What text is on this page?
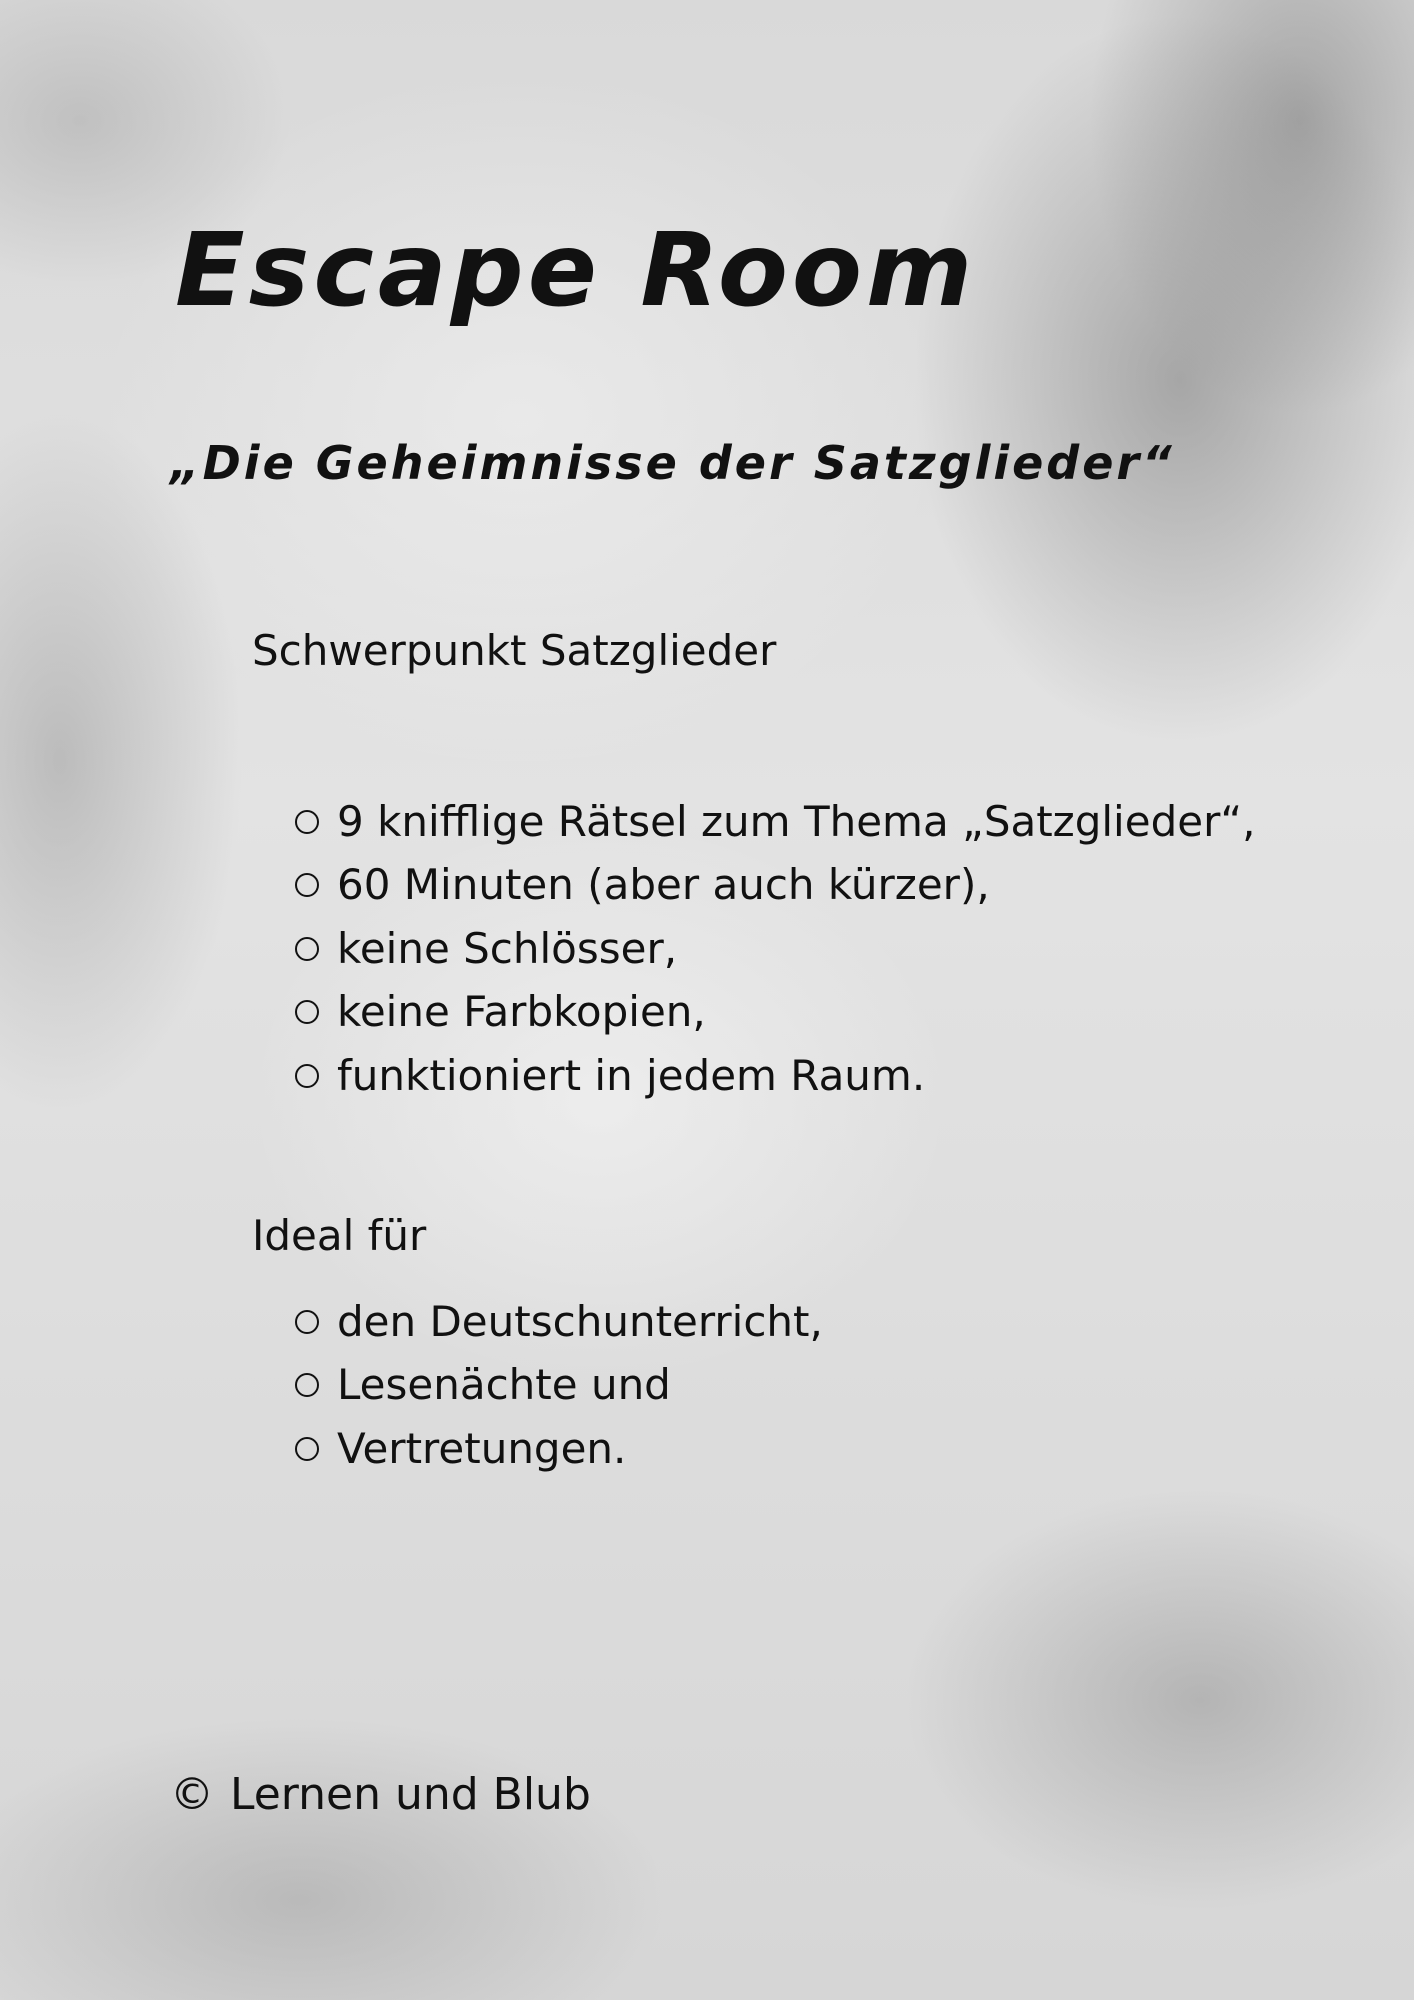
Escape Room
„Die Geheimnisse der Satzglieder“
Schwerpunkt Satzglieder
9 knifflige Rätsel zum Thema „Satzglieder“,
60 Minuten (aber auch kürzer),
keine Schlösser,
keine Farbkopien,
funktioniert in jedem Raum.
Ideal für
den Deutschunterricht,
Lesenächte und
Vertretungen.
© Lernen und Blub
